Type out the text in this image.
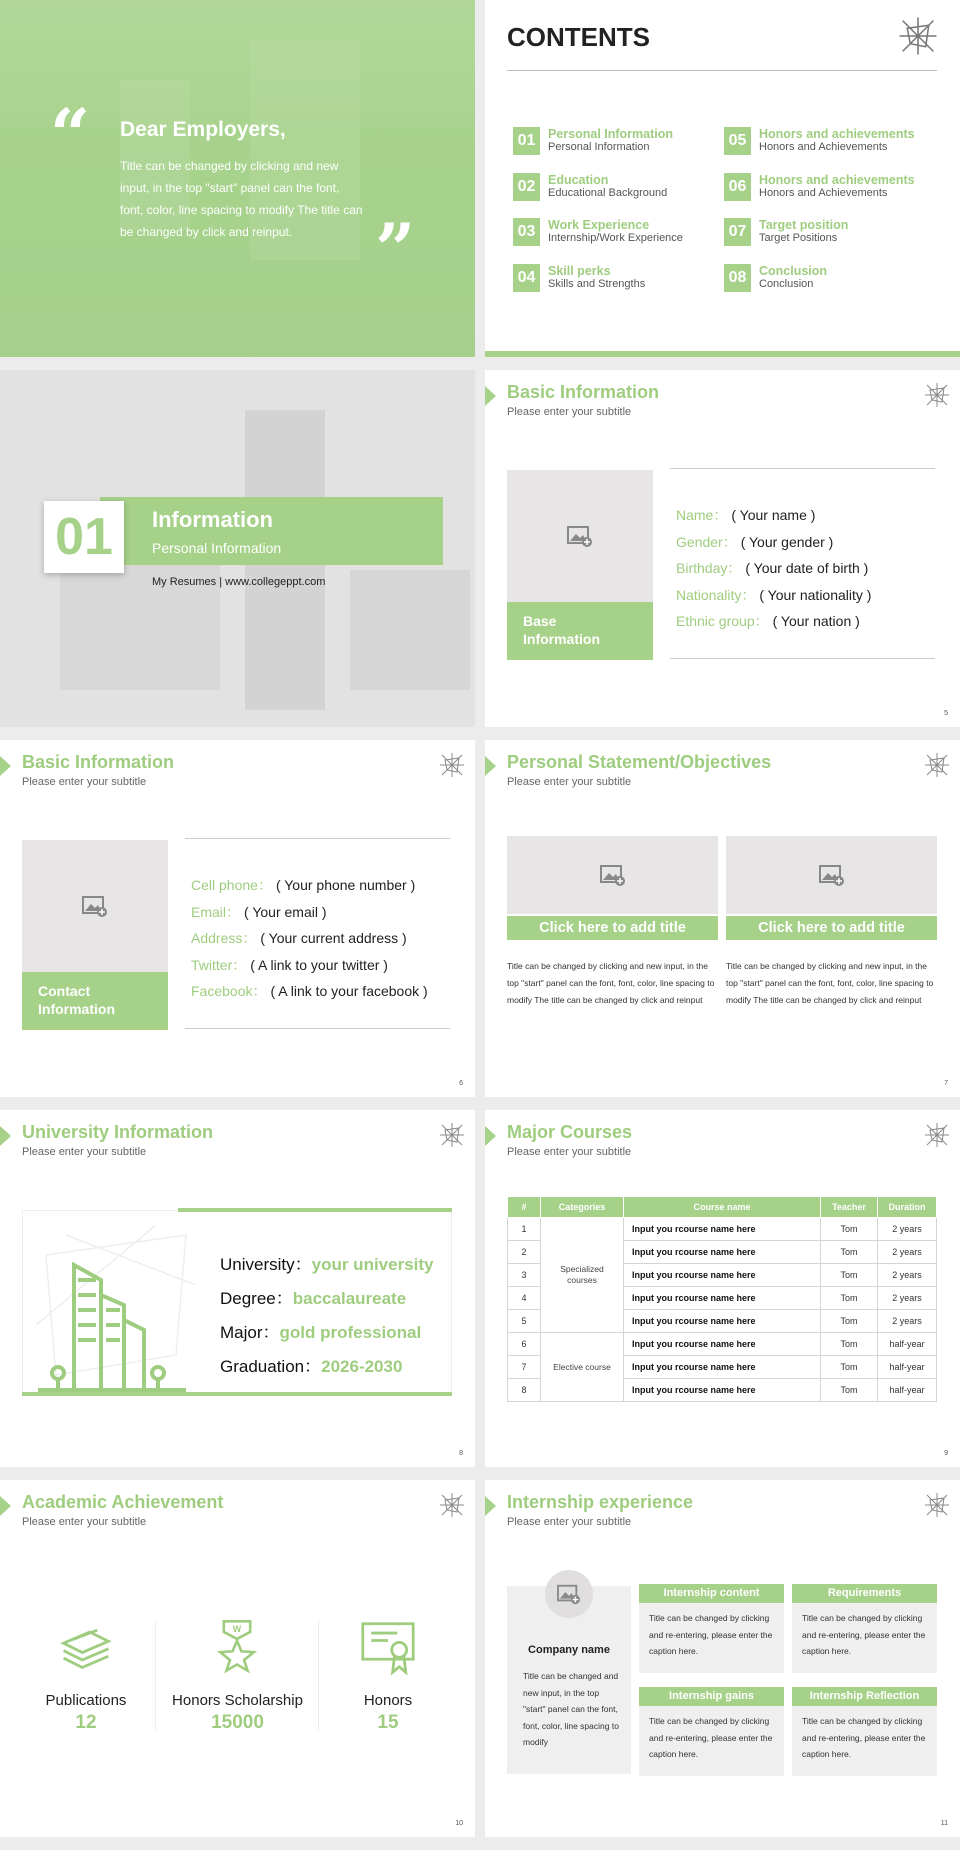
“ Dear Employers,
Title can be changed by clicking and new input, in the top "start" panel can the font, font, color, line spacing to modify The title can be changed by click and reinput.	”
CONTENTS
01	Personal Information
Personal Information
02	Education
Educational Background
03	Work Experience
Internship/Work Experience
04	Skill perks
Skills and Strengths
05	Honors and achievements
Honors and Achievements
06	Honors and achievements
Honors and Achievements
07	Target position
Target Positions
08	Conclusion
Conclusion
01 Information
Personal Information
My Resumes | www.collegeppt.com
Basic Information
Please enter your subtitle
Base Information
Name： ( Your name )
Gender： ( Your gender )
Birthday： ( Your date of birth )
Nationality： ( Your nationality )
Ethnic group： ( Your nation )
5
Basic Information
Please enter your subtitle
Contact Information
Cell phone： ( Your phone number )
Email： ( Your email )
Address： ( Your current address )
Twitter： ( A link to your twitter )
Facebook： ( A link to your facebook )
6
Personal Statement/Objectives
Please enter your subtitle
Click here to add title
Title can be changed by clicking and new input, in the top "start" panel can the font, font, color, line spacing to modify The title can be changed by click and reinput
Click here to add title
Title can be changed by clicking and new input, in the top "start" panel can the font, font, color, line spacing to modify The title can be changed by click and reinput
7
University Information
Please enter your subtitle
University：your university
Degree：baccalaureate
Major：gold professional
Graduation：2026-2030
8
Major Courses
Please enter your subtitle
#	Categories	Course name	Teacher	Duration
1	Specialized courses	Input you rcourse name here	Tom	2 years
2		Input you rcourse name here	Tom	2 years
3		Input you rcourse name here	Tom	2 years
4		Input you rcourse name here	Tom	2 years
5		Input you rcourse name here	Tom	2 years
6	Elective course	Input you rcourse name here	Tom	half-year
7		Input you rcourse name here	Tom	half-year
8		Input you rcourse name here	Tom	half-year
9
Academic Achievement
Please enter your subtitle
Publications
12
W
Honors Scholarship
15000
Honors
15
10
Internship experience
Please enter your subtitle
Company name
Title can be changed and new input, in the top "start" panel can the font, font, color, line spacing to modify
Internship content
Title can be changed by clicking and re-entering, please enter the caption here.
Requirements
Title can be changed by clicking and re-entering, please enter the caption here.
Internship gains
Title can be changed by clicking and re-entering, please enter the caption here.
Internship Reflection
Title can be changed by clicking and re-entering, please enter the caption here.
11
